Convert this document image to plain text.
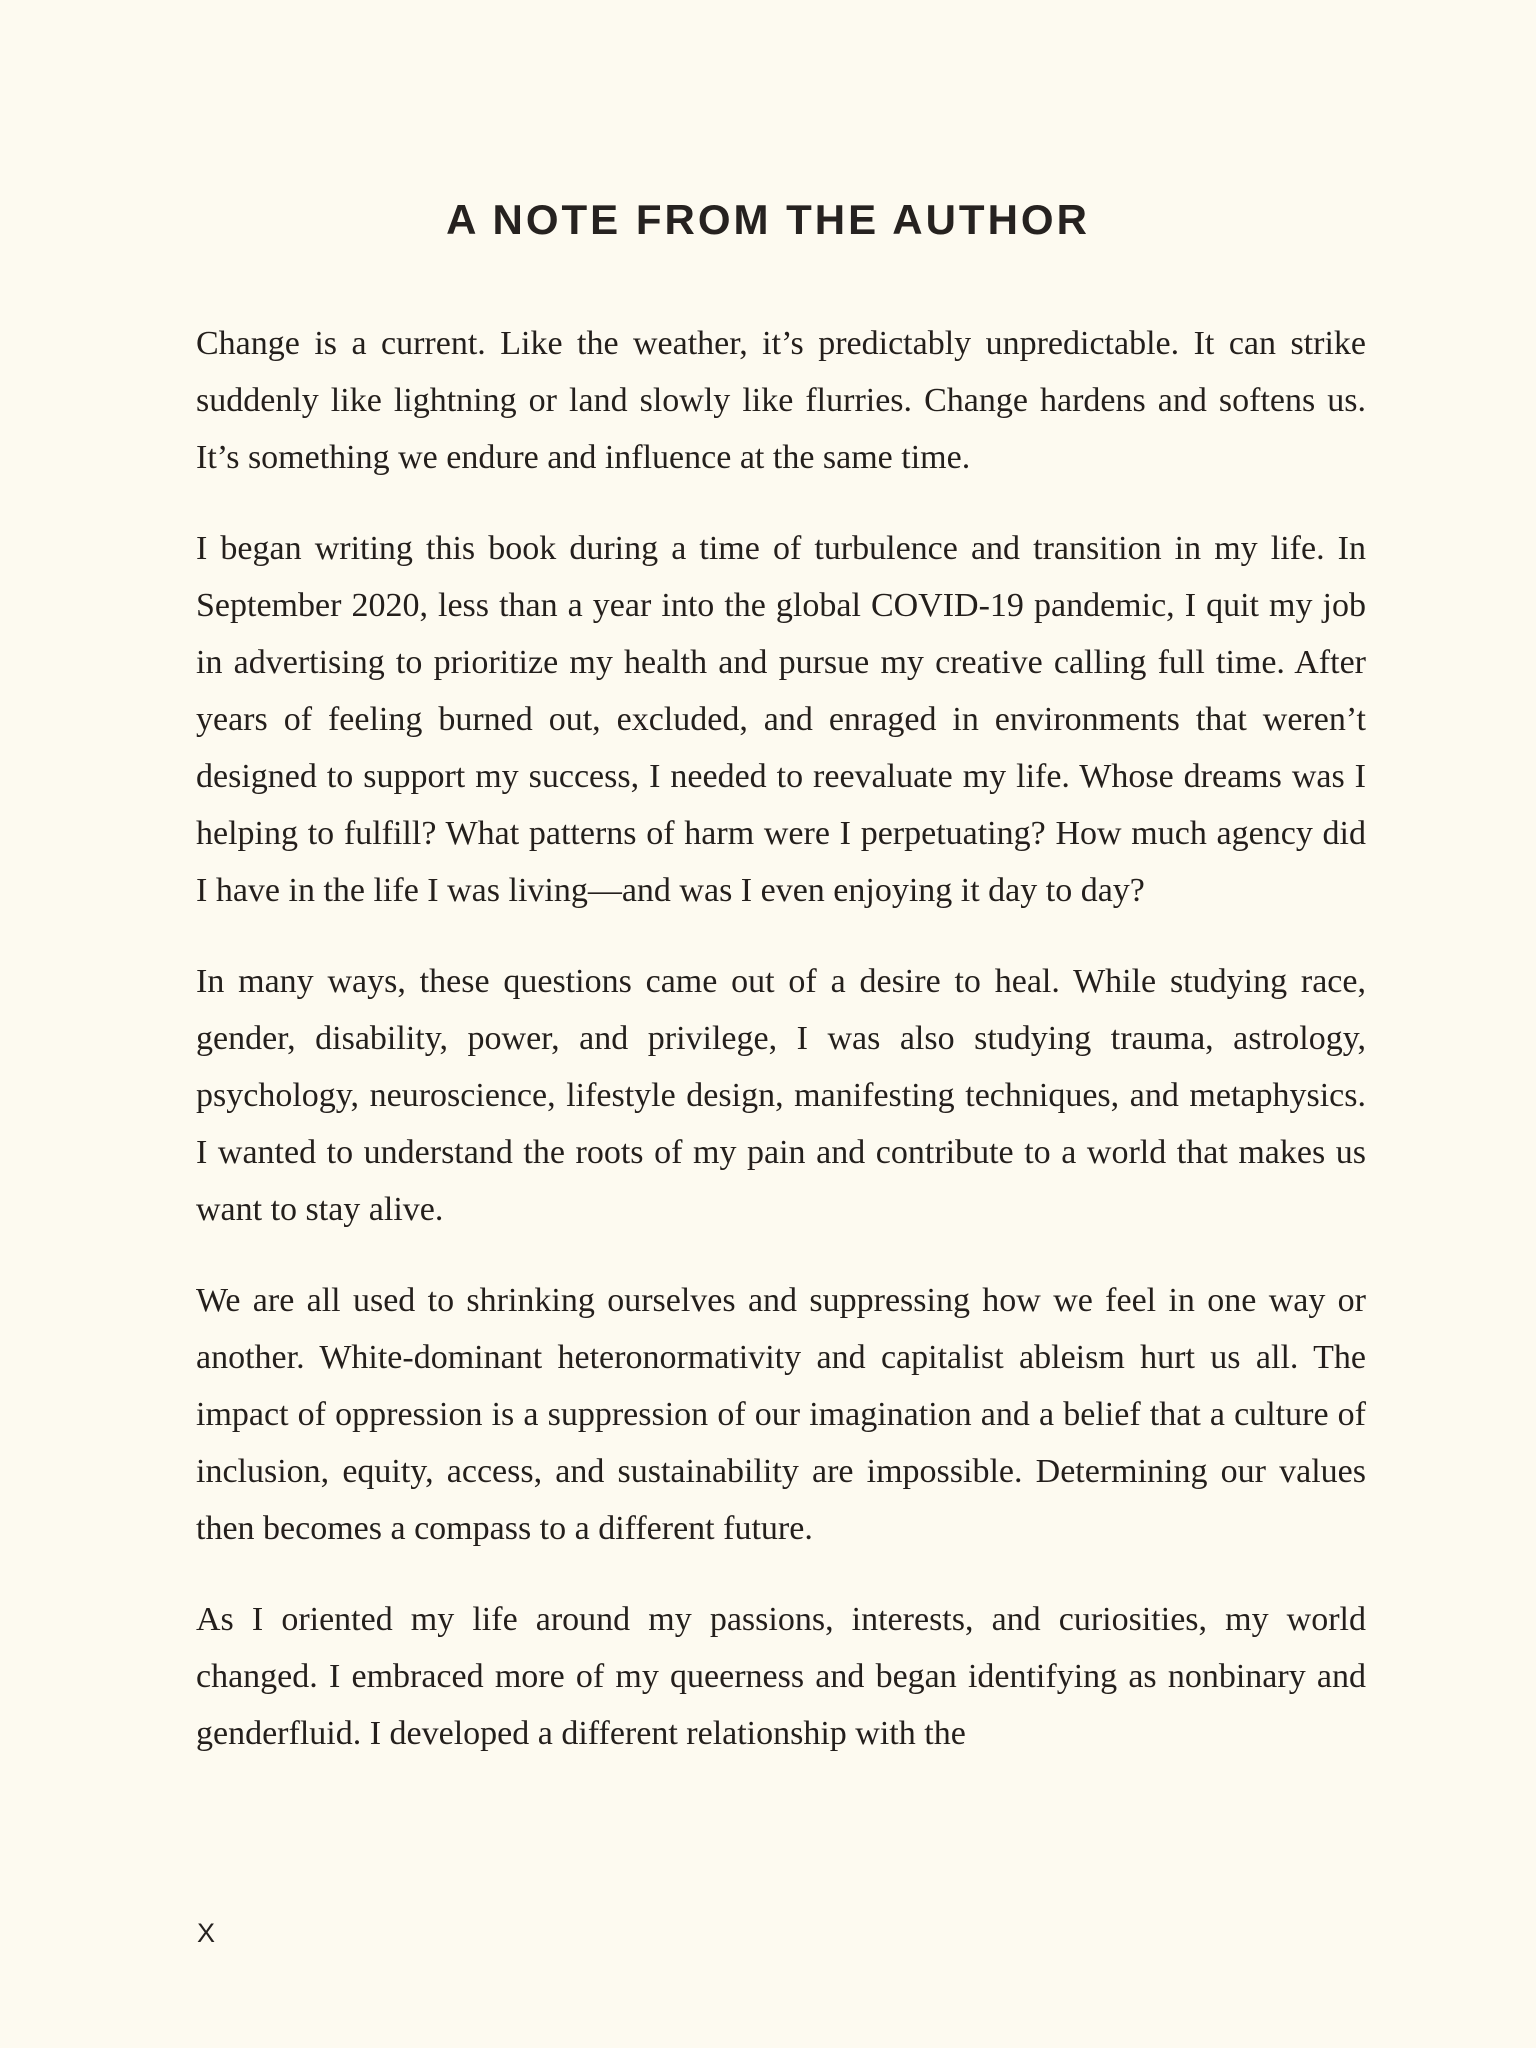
A NOTE FROM THE AUTHOR

Change is a current. Like the weather, it’s predictably unpredictable. It can strike suddenly like lightning or land slowly like flurries. Change hardens and softens us. It’s something we endure and influence at the same time.

I began writing this book during a time of turbulence and transition in my life. In September 2020, less than a year into the global COVID-19 pandemic, I quit my job in advertising to prioritize my health and pursue my creative calling full time. After years of feeling burned out, excluded, and enraged in environments that weren’t designed to support my success, I needed to reevaluate my life. Whose dreams was I helping to fulfill? What patterns of harm were I perpetuating? How much agency did I have in the life I was living—and was I even enjoying it day to day?

In many ways, these questions came out of a desire to heal. While studying race, gender, disability, power, and privilege, I was also studying trauma, astrology, psychology, neuroscience, lifestyle design, manifesting techniques, and metaphysics. I wanted to understand the roots of my pain and contribute to a world that makes us want to stay alive.

We are all used to shrinking ourselves and suppressing how we feel in one way or another. White-dominant heteronormativity and capitalist ableism hurt us all. The impact of oppression is a suppression of our imagination and a belief that a culture of inclusion, equity, access, and sustainability are impossible. Determining our values then becomes a compass to a different future.

As I oriented my life around my passions, interests, and curiosities, my world changed. I embraced more of my queerness and began identifying as nonbinary and genderfluid. I developed a different relationship with the

X
